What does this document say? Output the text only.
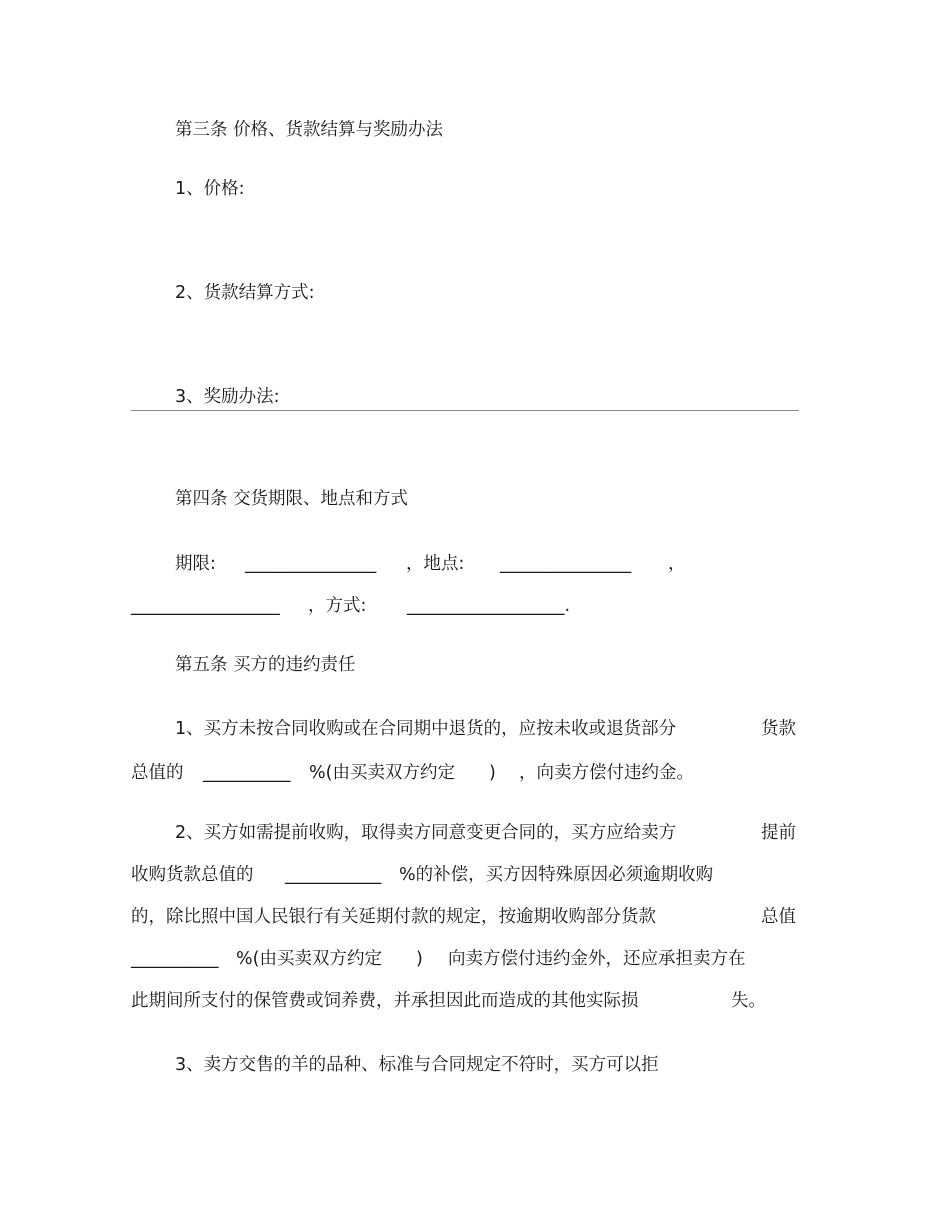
第三条 价格、货款结算与奖励办法
1、价格:
2、货款结算方式:
3、奖励办法:
第四条 交货期限、地点和方式
期限: _______________ ，地点: _______________ ，
_________________ ，方式: __________________.
第五条 买方的违约责任
1、买方未按合同收购或在合同期中退货的，应按未收或退货部分	货款
总值的 __________ %(由买卖双方约定 ) ，向卖方偿付违约金。
2、买方如需提前收购，取得卖方同意变更合同的，买方应给卖方	提前
收购货款总值的 ___________ %的补偿，买方因特殊原因必须逾期收购
的，除比照中国人民银行有关延期付款的规定，按逾期收购部分货款	总值
__________ %(由买卖双方约定 ) 向卖方偿付违约金外，还应承担卖方在
此期间所支付的保管费或饲养费，并承担因此而造成的其他实际损	失。
3、卖方交售的羊的品种、标准与合同规定不符时，买方可以拒
